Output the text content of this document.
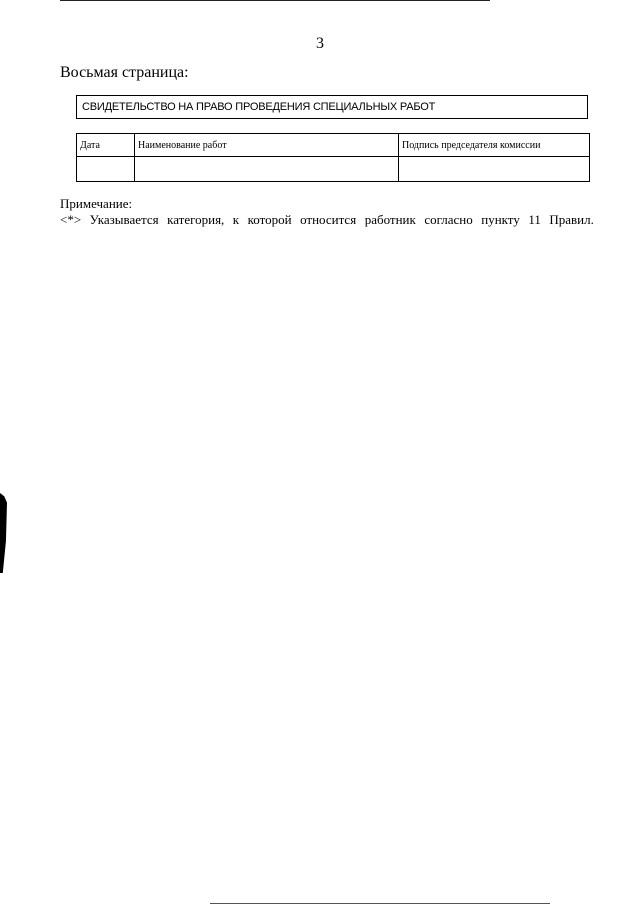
3
Восьмая страница:
СВИДЕТЕЛЬСТВО НА ПРАВО ПРОВЕДЕНИЯ СПЕЦИАЛЬНЫХ РАБОТ
Дата	Наименование работ	Подпись председателя комиссии

Примечание:
<*> Указывается категория, к которой относится работник согласно пункту 11 Правил.
